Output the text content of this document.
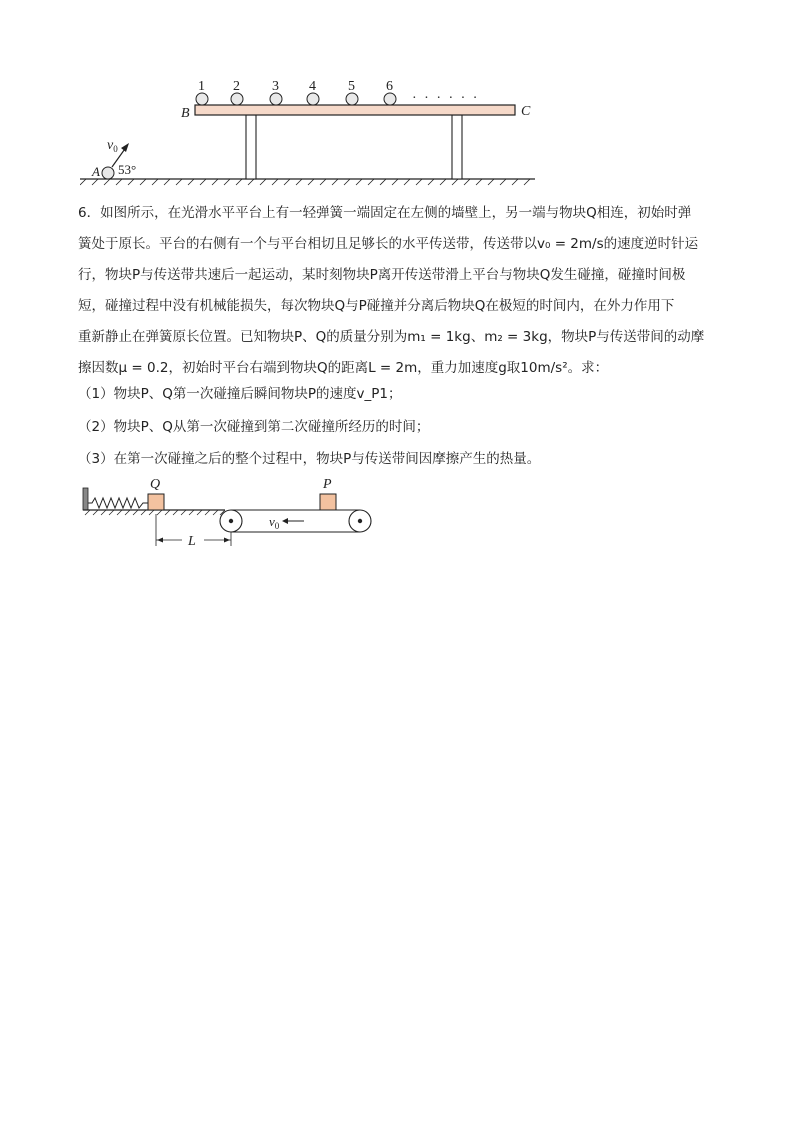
1 2 3 4 5 6
· · · · · ·
B	C
A
$v_0$
53°

6．如图所示，在光滑水平平台上有一轻弹簧一端固定在左侧的墙壁上，另一端与物块Q相连，初始时弹

簧处于原长。平台的右侧有一个与平台相切且足够长的水平传送带，传送带以v₀ = 2m/s的速度逆时针运

行，物块P与传送带共速后一起运动，某时刻物块P离开传送带滑上平台与物块Q发生碰撞，碰撞时间极

短，碰撞过程中没有机械能损失，每次物块Q与P碰撞并分离后物块Q在极短的时间内，在外力作用下

重新静止在弹簧原长位置。已知物块P、Q的质量分别为m₁ = 1kg、m₂ = 3kg，物块P与传送带间的动摩

擦因数μ = 0.2，初始时平台右端到物块Q的距离L = 2m，重力加速度g取10m/s²。求：

（1）物块P、Q第一次碰撞后瞬间物块P的速度v_P1；
（2）物块P、Q从第一次碰撞到第二次碰撞所经历的时间；
（3）在第一次碰撞之后的整个过程中，物块P与传送带间因摩擦产生的热量。
Q	P
$v_0$
L
